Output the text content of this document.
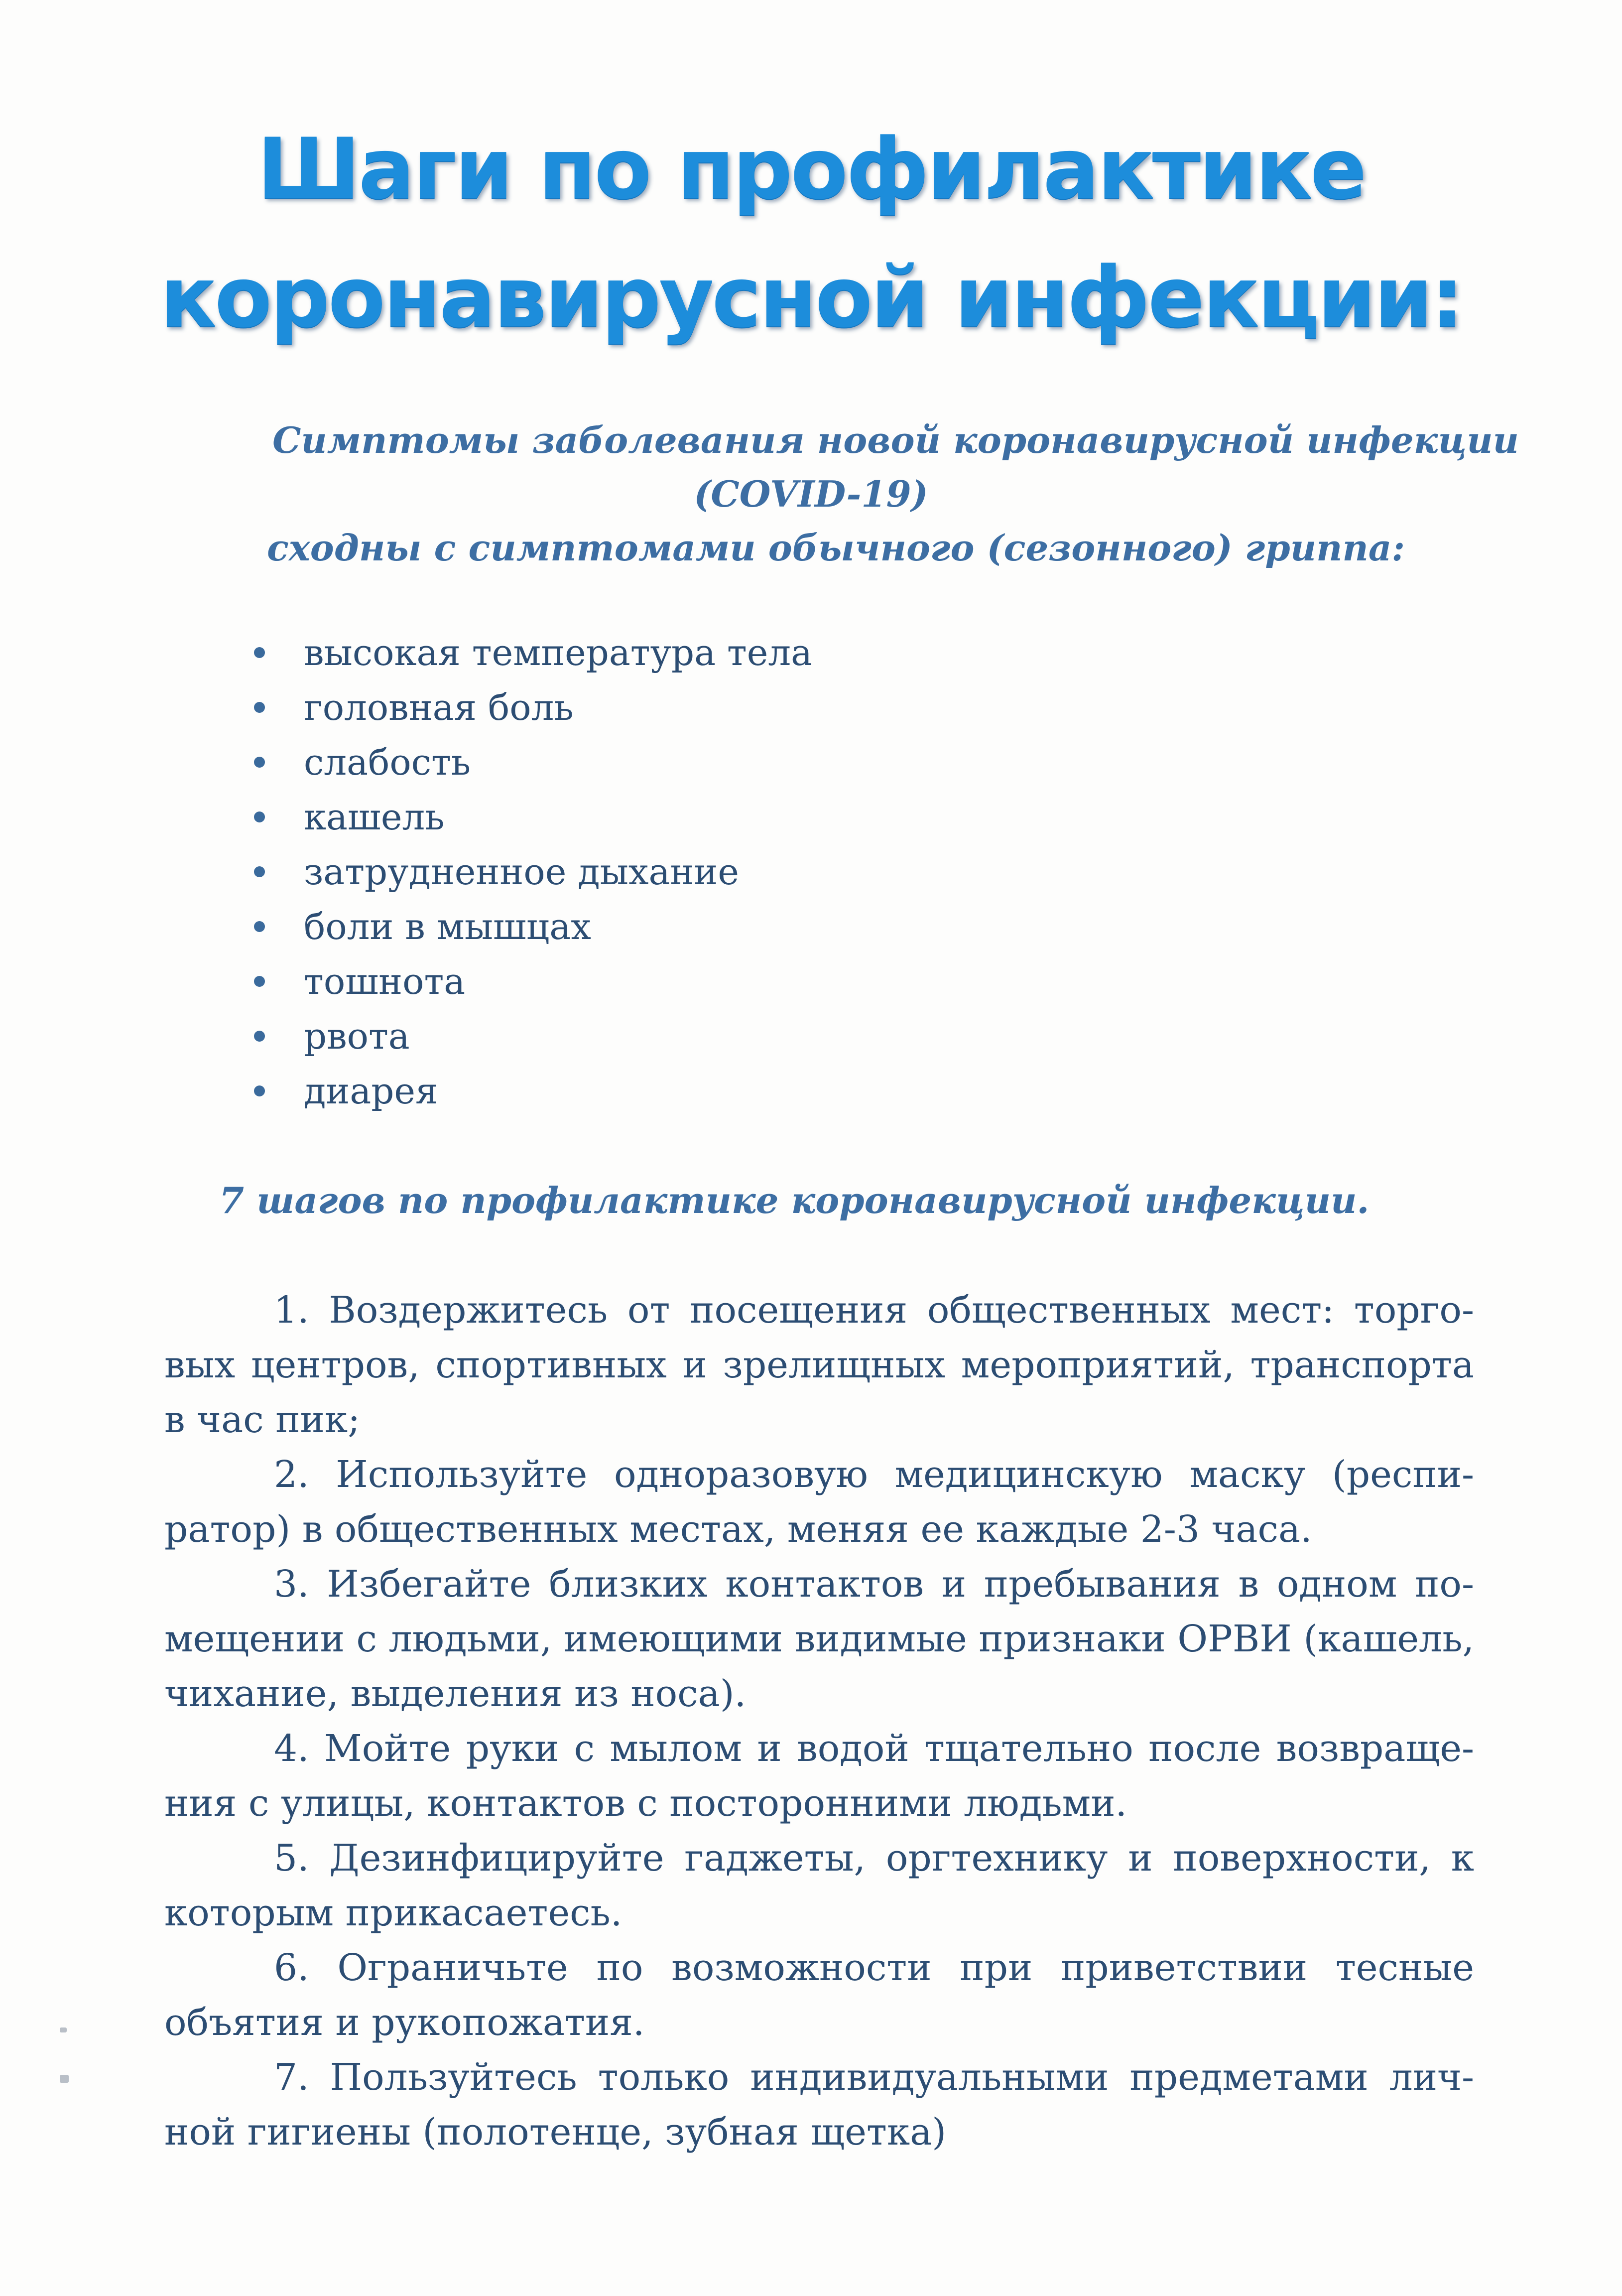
Шаги по профилактике
коронавирусной инфекции:
Симптомы заболевания новой коронавирусной инфекции
(COVID-19)
сходны с симптомами обычного (сезонного) гриппа:
высокая температура тела
головная боль
слабость
кашель
затрудненное дыхание
боли в мышцах
тошнота
рвота
диарея
7 шагов по профилактике коронавирусной инфекции.

1. Воздержитесь от посещения общественных мест: торговых центров, спортивных и зрелищных мероприятий, транспорта в час пик;

2. Используйте одноразовую медицинскую маску (респиратор) в общественных местах, меняя ее каждые 2-3 часа.

3. Избегайте близких контактов и пребывания в одном помещении с людьми, имеющими видимые признаки ОРВИ (кашель, чихание, выделения из носа).

4. Мойте руки с мылом и водой тщательно после возвращения с улицы, контактов с посторонними людьми.

5. Дезинфицируйте гаджеты, оргтехнику и поверхности, к которым прикасаетесь.

6. Ограничьте по возможности при приветствии тесные объятия и рукопожатия.

7. Пользуйтесь только индивидуальными предметами личной гигиены (полотенце, зубная щетка)
